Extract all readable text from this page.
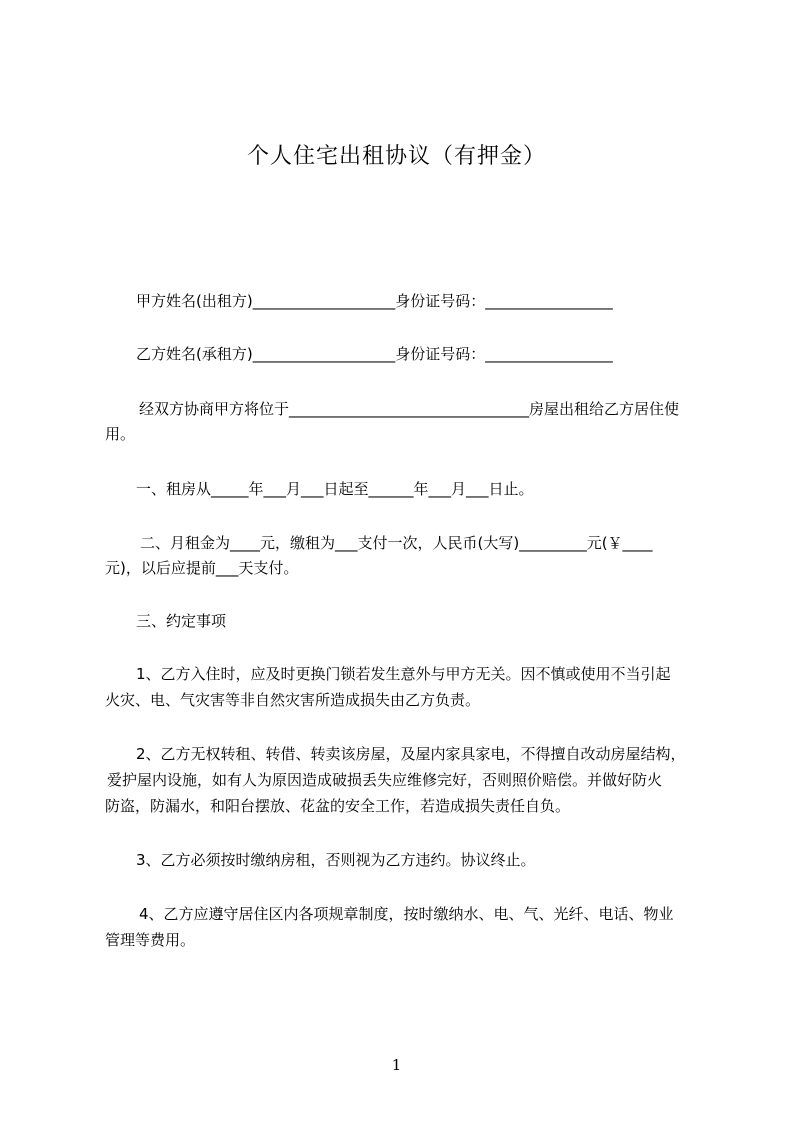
个人住宅出租协议（有押金）
甲方姓名(出租方)___________________身份证号码：_________________
乙方姓名(承租方)___________________身份证号码：_________________
经双方协商甲方将位于________________________________房屋出租给乙方居住使
用。
一、租房从_____年___月___日起至______年___月___日止。
二、月租金为____元，缴租为___支付一次，人民币(大写)_________元(￥____
元)，以后应提前___天支付。
三、约定事项
1、乙方入住时，应及时更换门锁若发生意外与甲方无关。因不慎或使用不当引起
火灾、电、气灾害等非自然灾害所造成损失由乙方负责。
2、乙方无权转租、转借、转卖该房屋，及屋内家具家电，不得擅自改动房屋结构，
爱护屋内设施，如有人为原因造成破损丢失应维修完好，否则照价赔偿。并做好防火
防盗，防漏水，和阳台摆放、花盆的安全工作，若造成损失责任自负。
3、乙方必须按时缴纳房租，否则视为乙方违约。协议终止。
4、乙方应遵守居住区内各项规章制度，按时缴纳水、电、气、光纤、电话、物业
管理等费用。
1
